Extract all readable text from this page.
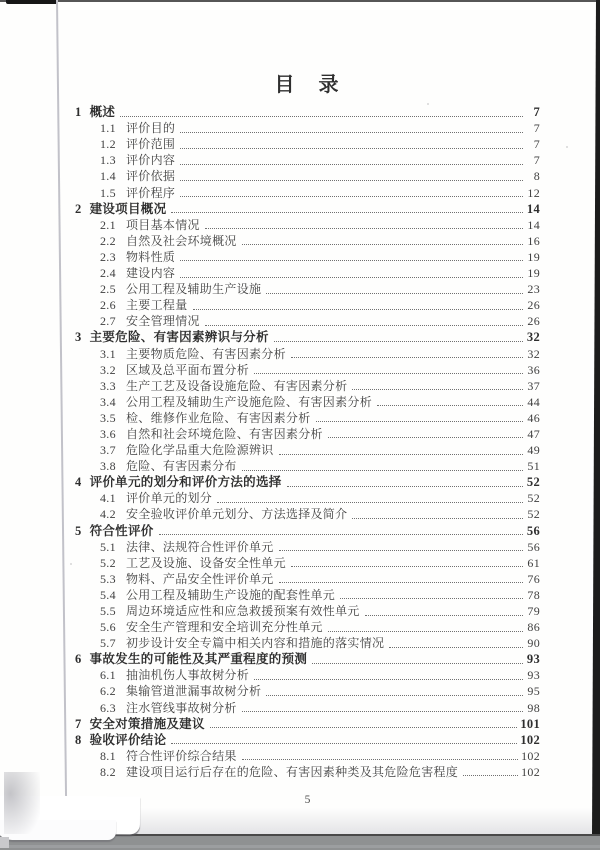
目　录
1 概述	7
1.1 评价目的	7
1.2 评价范围	7
1.3 评价内容	7
1.4 评价依据	8
1.5 评价程序	12
2 建设项目概况	14
2.1 项目基本情况	14
2.2 自然及社会环境概况	16
2.3 物料性质	19
2.4 建设内容	19
2.5 公用工程及辅助生产设施	23
2.6 主要工程量	26
2.7 安全管理情况	26
3 主要危险、有害因素辨识与分析	32
3.1 主要物质危险、有害因素分析	32
3.2 区域及总平面布置分析	36
3.3 生产工艺及设备设施危险、有害因素分析	37
3.4 公用工程及辅助生产设施危险、有害因素分析	44
3.5 检、维修作业危险、有害因素分析	46
3.6 自然和社会环境危险、有害因素分析	47
3.7 危险化学品重大危险源辨识	49
3.8 危险、有害因素分布	51
4 评价单元的划分和评价方法的选择	52
4.1 评价单元的划分	52
4.2 安全验收评价单元划分、方法选择及简介	52
5 符合性评价	56
5.1 法律、法规符合性评价单元	56
5.2 工艺及设施、设备安全性单元	61
5.3 物料、产品安全性评价单元	76
5.4 公用工程及辅助生产设施的配套性单元	78
5.5 周边环境适应性和应急救援预案有效性单元	79
5.6 安全生产管理和安全培训充分性单元	86
5.7 初步设计安全专篇中相关内容和措施的落实情况	90
6 事故发生的可能性及其严重程度的预测	93
6.1 抽油机伤人事故树分析	93
6.2 集输管道泄漏事故树分析	95
6.3 注水管线事故树分析	98
7 安全对策措施及建议	101
8 验收评价结论	102
8.1 符合性评价综合结果	102
8.2 建设项目运行后存在的危险、有害因素种类及其危险危害程度	102
5
